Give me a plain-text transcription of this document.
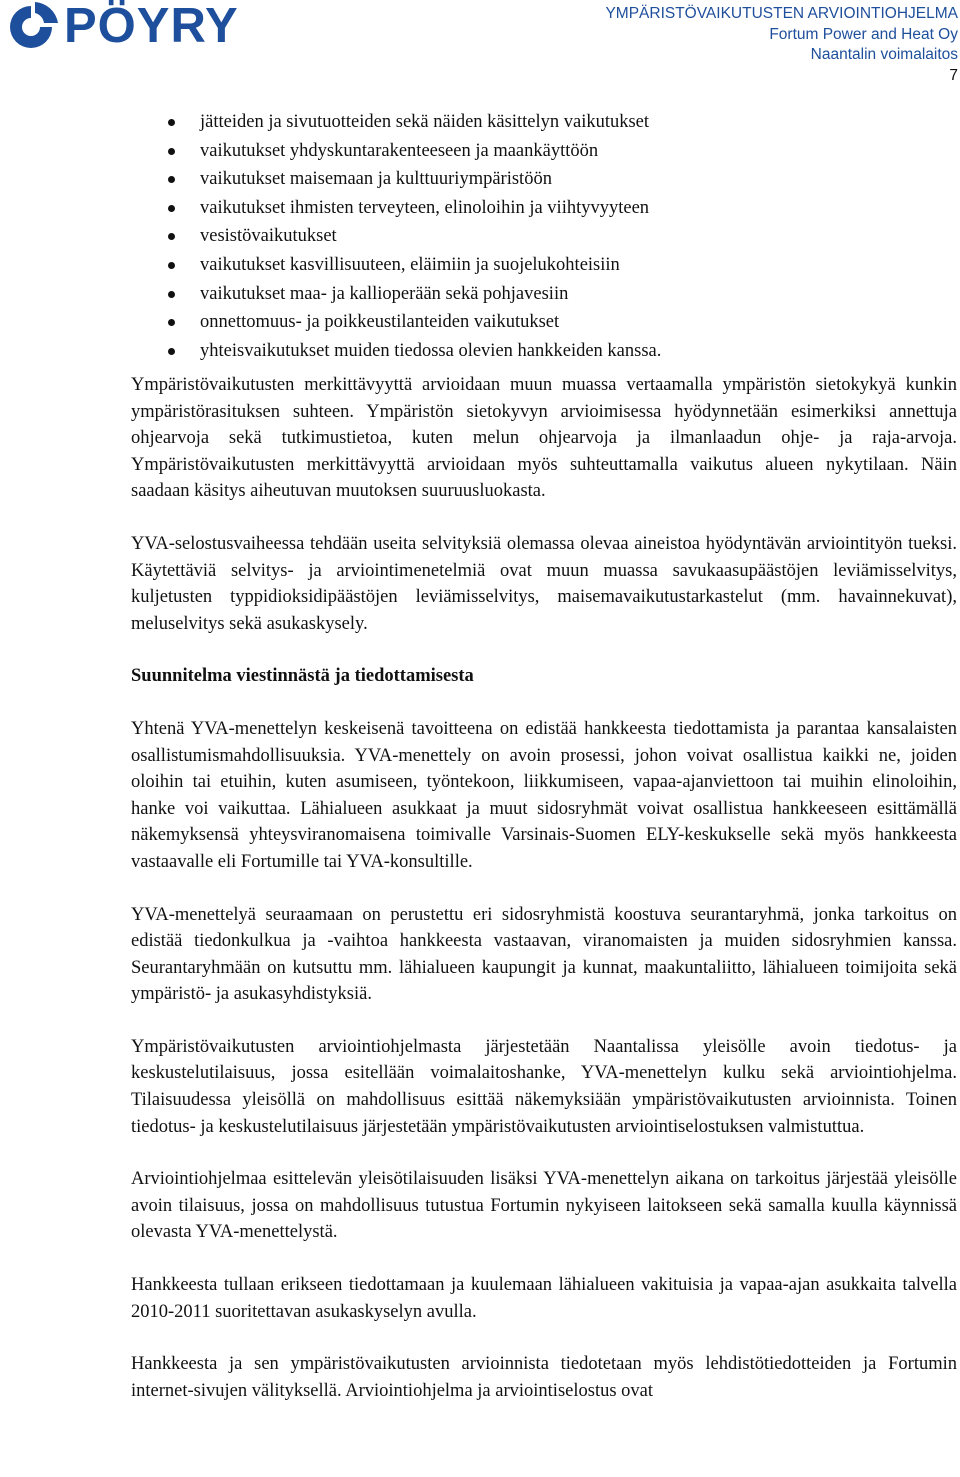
PÖYRY	YMPÄRISTÖVAIKUTUSTEN ARVIOINTIOHJELMA
Fortum Power and Heat Oy
Naantalin voimalaitos
7
jätteiden ja sivutuotteiden sekä näiden käsittelyn vaikutukset
vaikutukset yhdyskuntarakenteeseen ja maankäyttöön
vaikutukset maisemaan ja kulttuuriympäristöön
vaikutukset ihmisten terveyteen, elinoloihin ja viihtyvyyteen
vesistövaikutukset
vaikutukset kasvillisuuteen, eläimiin ja suojelukohteisiin
vaikutukset maa- ja kallioperään sekä pohjavesiin
onnettomuus- ja poikkeustilanteiden vaikutukset
yhteisvaikutukset muiden tiedossa olevien hankkeiden kanssa.

Ympäristövaikutusten merkittävyyttä arvioidaan muun muassa vertaamalla ympäristön sietokykyä kunkin ympäristörasituksen suhteen. Ympäristön sietokyvyn arvioimisessa hyödynnetään esimerkiksi annettuja ohjearvoja sekä tutkimustietoa, kuten melun ohjearvoja ja ilmanlaadun ohje- ja raja-arvoja. Ympäristövaikutusten merkittävyyttä arvioidaan myös suhteuttamalla vaikutus alueen nykytilaan. Näin saadaan käsitys aiheutuvan muutoksen suuruusluokasta.

YVA-selostusvaiheessa tehdään useita selvityksiä olemassa olevaa aineistoa hyödyntävän arviointityön tueksi. Käytettäviä selvitys- ja arviointimenetelmiä ovat muun muassa savukaasupäästöjen leviämisselvitys, kuljetusten typpidioksidipäästöjen leviämisselvitys, maisemavaikutustarkastelut (mm. havainnekuvat), meluselvitys sekä asukaskysely.

Suunnitelma viestinnästä ja tiedottamisesta

Yhtenä YVA-menettelyn keskeisenä tavoitteena on edistää hankkeesta tiedottamista ja parantaa kansalaisten osallistumismahdollisuuksia. YVA-menettely on avoin prosessi, johon voivat osallistua kaikki ne, joiden oloihin tai etuihin, kuten asumiseen, työntekoon, liikkumiseen, vapaa-ajanviettoon tai muihin elinoloihin, hanke voi vaikuttaa. Lähialueen asukkaat ja muut sidosryhmät voivat osallistua hankkeeseen esittämällä näkemyksensä yhteysviranomaisena toimivalle Varsinais-Suomen ELY-keskukselle sekä myös hankkeesta vastaavalle eli Fortumille tai YVA-konsultille.

YVA-menettelyä seuraamaan on perustettu eri sidosryhmistä koostuva seurantaryhmä, jonka tarkoitus on edistää tiedonkulkua ja -vaihtoa hankkeesta vastaavan, viranomaisten ja muiden sidosryhmien kanssa. Seurantaryhmään on kutsuttu mm. lähialueen kaupungit ja kunnat, maakuntaliitto, lähialueen toimijoita sekä ympäristö- ja asukasyhdistyksiä.

Ympäristövaikutusten arviointiohjelmasta järjestetään Naantalissa yleisölle avoin tiedotus- ja keskustelutilaisuus, jossa esitellään voimalaitoshanke, YVA-menettelyn kulku sekä arviointiohjelma. Tilaisuudessa yleisöllä on mahdollisuus esittää näkemyksiään ympäristövaikutusten arvioinnista. Toinen tiedotus- ja keskustelutilaisuus järjestetään ympäristövaikutusten arviointiselostuksen valmistuttua.

Arviointiohjelmaa esittelevän yleisötilaisuuden lisäksi YVA-menettelyn aikana on tarkoitus järjestää yleisölle avoin tilaisuus, jossa on mahdollisuus tutustua Fortumin nykyiseen laitokseen sekä samalla kuulla käynnissä olevasta YVA-menettelystä.

Hankkeesta tullaan erikseen tiedottamaan ja kuulemaan lähialueen vakituisia ja vapaa-ajan asukkaita talvella 2010-2011 suoritettavan asukaskyselyn avulla.

Hankkeesta ja sen ympäristövaikutusten arvioinnista tiedotetaan myös lehdistötiedotteiden ja Fortumin internet-sivujen välityksellä. Arviointiohjelma ja arviointiselostus ovat
